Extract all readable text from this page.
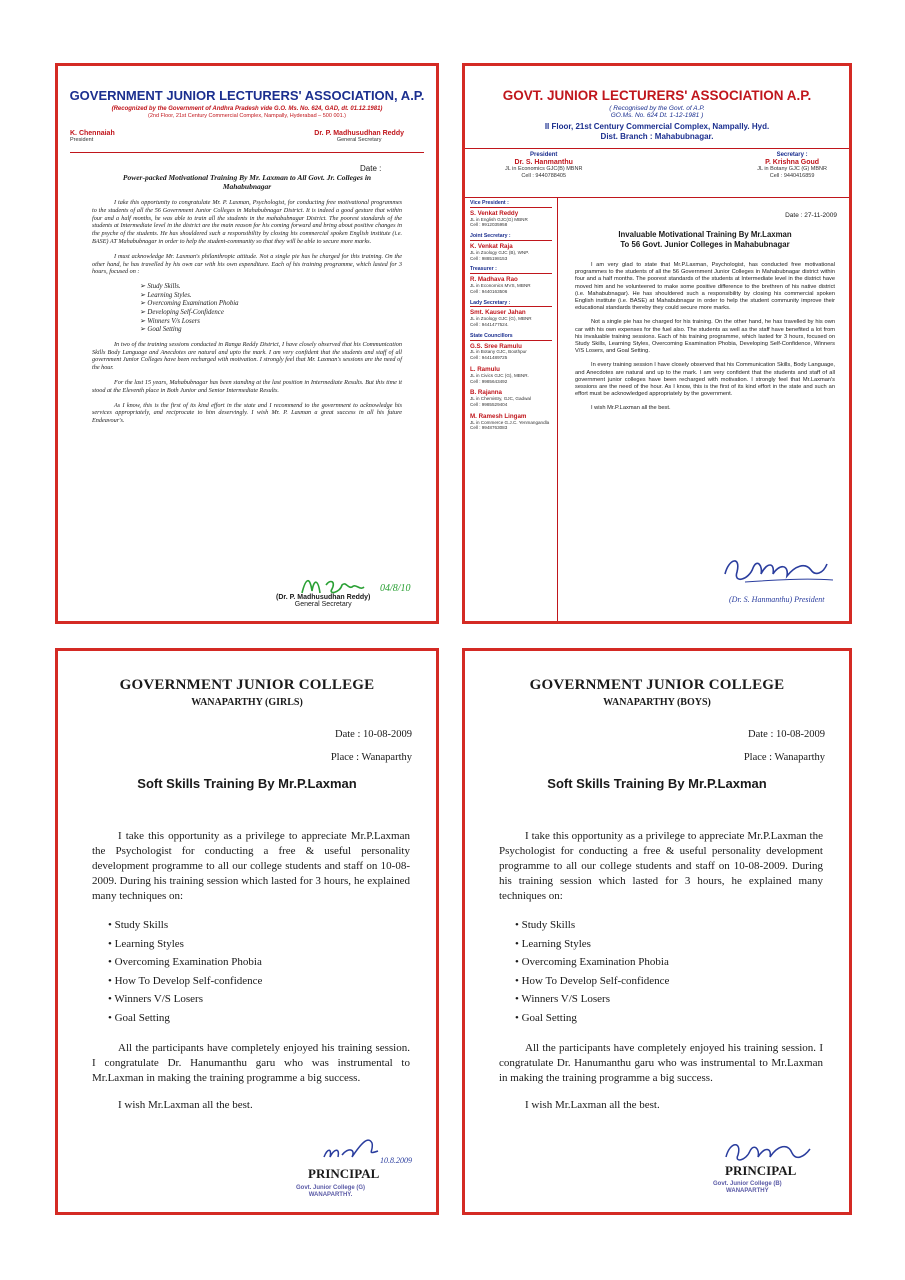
GOVERNMENT JUNIOR LECTURERS' ASSOCIATION, A.P.
(Recognized by the Government of Andhra Pradesh vide G.O. Ms. No. 624, GAD, dt. 01.12.1981)
(2nd Floor, 21st Century Commercial Complex, Nampally, Hyderabad – 500 001.)
K. Chennaiah
President
Dr. P. Madhusudhan Reddy
General Secretary
Date :
Power-packed Motivational Training By Mr. Laxman to All Govt. Jr. Colleges in Mahabubnagar

I take this opportunity to congratulate Mr. P. Laxman, Psychologist, for conducting free motivational programmes to the students of all the 56 Government Junior Colleges in Mahabubnagar District. It is indeed a good gesture that within four and a half months, he was able to train all the students in the mahabubnagar District. The poorest standards of the students at Intermediate level in the district are the main reason for his coming forward and bring about positive changes in the psyche of the students. He has shouldered such a responsibility by closing his commercial spoken English institute (i.e. BASE) AT Mahabubnagar in order to help the student-community so that they will be able to secure more marks.

I must acknowledge Mr. Laxman's philanthropic attitude. Not a single pie has he charged for this training. On the other hand, he has travelled by his own car with his own expenditure. Each of his training programme, which lasted for 3 hours, focused on :

➢ Study Skills.
➢ Learning Styles.
➢ Overcoming Examination Phobia
➢ Developing Self-Confidence
➢ Winners V/s Losers
➢ Goal Setting

In two of the training sessions conducted in Ranga Reddy District, I have closely observed that his Communication Skills Body Language and Anecdotes are natural and upto the mark. I am very confident that the students and staff of all government Junior Colleges have been recharged with motivation. I strongly feel that Mr. Laxman's sessions are the need of the hour.

For the last 15 years, Mahabubnagar has been standing at the last position in Intermediate Results. But this time it stood at the Eleventh place in Both Junior and Senior Intermediate Results.

As I know, this is the first of its kind effort in the state and I recommend to the government to acknowledge his services appropriately, and reciprocate to him deservingly. I wish Mr. P. Laxman a great success in all his future Endeavour's.

04/8/10
(Dr. P. Madhusudhan Reddy)
General Secretary
GOVT. JUNIOR LECTURERS' ASSOCIATION A.P.
( Recognised by the Govt. of A.P.
GO.Ms. No. 624 Dt. 1-12-1981 )
II Floor, 21st Century Commercial Complex, Nampally. Hyd.
Dist. Branch : Mahabubnagar.
President
Dr. S. Hanmanthu
JL in Economics GJC(B) MBNR
Cell : 9440788405
Secretary :
P. Krishna Goud
JL in Botany GJC (G) MBNR
Cell : 9440416859
Vice President :
S. Venkat Reddy
JL in English GJC(G) MBNR
Cell : 9912035958
Joint Secretary :
K. Venkat Raja
JL in Zoology GJC (B), WNP.
Cell : 9885198153
Treasurer :
R. Madhava Rao
JL in Economics MVS, MBNR
Cell : 9440163506
Lady Secretary :
Smt. Kauser Jahan
JL in Zoology GJC (G), MBNR
Cell : 9441477524.
State Councillors
G.S. Sree Ramulu
JL in Botany GJC, Boothpur
Cell : 9441489725
L. Ramulu
JL in Civics GJC (G), MBNR.
Cell : 9985643492
B. Rajanna
JL in Chemistry, GJC, Gadwal
Cell : 9985529404
M. Ramesh Lingam
JL in Commerce G.J.C. Yenmangandla
Cell : 9948763083
Date : 27-11-2009
Invaluable Motivational Training By Mr.Laxman
To 56 Govt. Junior Colleges in Mahabubnagar

I am very glad to state that Mr.P.Laxman, Psychologist, has conducted free motivational programmes to the students of all the 56 Government Junior Colleges in Mahabubnagar district within four and a half months. The poorest standards of the students at Intermediate level in the district have moved him and he volunteered to make some positive difference to the brethren of his native district (i.e. Mahabubnagar). He has shouldered such a responsibility by closing his commercial spoken English institute (i.e. BASE) at Mahabubnagar in order to help the student community improve their educational standards thereby they could secure more marks.

Not a single pie has he charged for his training. On the other hand, he has travelled by his own car with his own expenses for the fuel also. The students as well as the staff have benefited a lot from his invaluable training sessions. Each of his training programme, which lasted for 3 hours, focused on Study Skills, Learning Styles, Overcoming Examination Phobia, Developing Self-Confidence, Winners V/S Losers, and Goal Setting.

In every training session I have closely observed that his Communication Skills, Body Language, and Anecdotes are natural and up to the mark. I am very confident that the students and staff of all government junior colleges have been recharged with motivation. I strongly feel that Mr.Laxman's sessions are the need of the hour. As I know, this is the first of its kind effort in the state and such an effort must be acknowledged appropriately by the government.

I wish Mr.P.Laxman all the best.

(Dr. S. Hanmanthu) President
GOVERNMENT JUNIOR COLLEGE
WANAPARTHY (GIRLS)
Date : 10-08-2009
Place : Wanaparthy
Soft Skills Training By Mr.P.Laxman

I take this opportunity as a privilege to appreciate Mr.P.Laxman the Psychologist for conducting a free & useful personality development programme to all our college students and staff on 10-08-2009. During his training session which lasted for 3 hours, he explained many techniques on:

• Study Skills
• Learning Styles
• Overcoming Examination Phobia
• How To Develop Self-confidence
• Winners V/S Losers
• Goal Setting

All the participants have completely enjoyed his training session. I congratulate Dr. Hanumanthu garu who was instrumental to Mr.Laxman in making the training programme a big success.

I wish Mr.Laxman all the best.

10.8.2009
PRINCIPAL
Govt. Junior College (G)
WANAPARTHY.
GOVERNMENT JUNIOR COLLEGE
WANAPARTHY (BOYS)
Date : 10-08-2009
Place : Wanaparthy
Soft Skills Training By Mr.P.Laxman

I take this opportunity as a privilege to appreciate Mr.P.Laxman the Psychologist for conducting a free & useful personality development programme to all our college students and staff on 10-08-2009. During his training session which lasted for 3 hours, he explained many techniques on:

• Study Skills
• Learning Styles
• Overcoming Examination Phobia
• How To Develop Self-confidence
• Winners V/S Losers
• Goal Setting

All the participants have completely enjoyed his training session. I congratulate Dr. Hanumanthu garu who was instrumental to Mr.Laxman in making the training programme a big success.

I wish Mr.Laxman all the best.

PRINCIPAL
Govt. Junior College (B)
WANAPARTHY
